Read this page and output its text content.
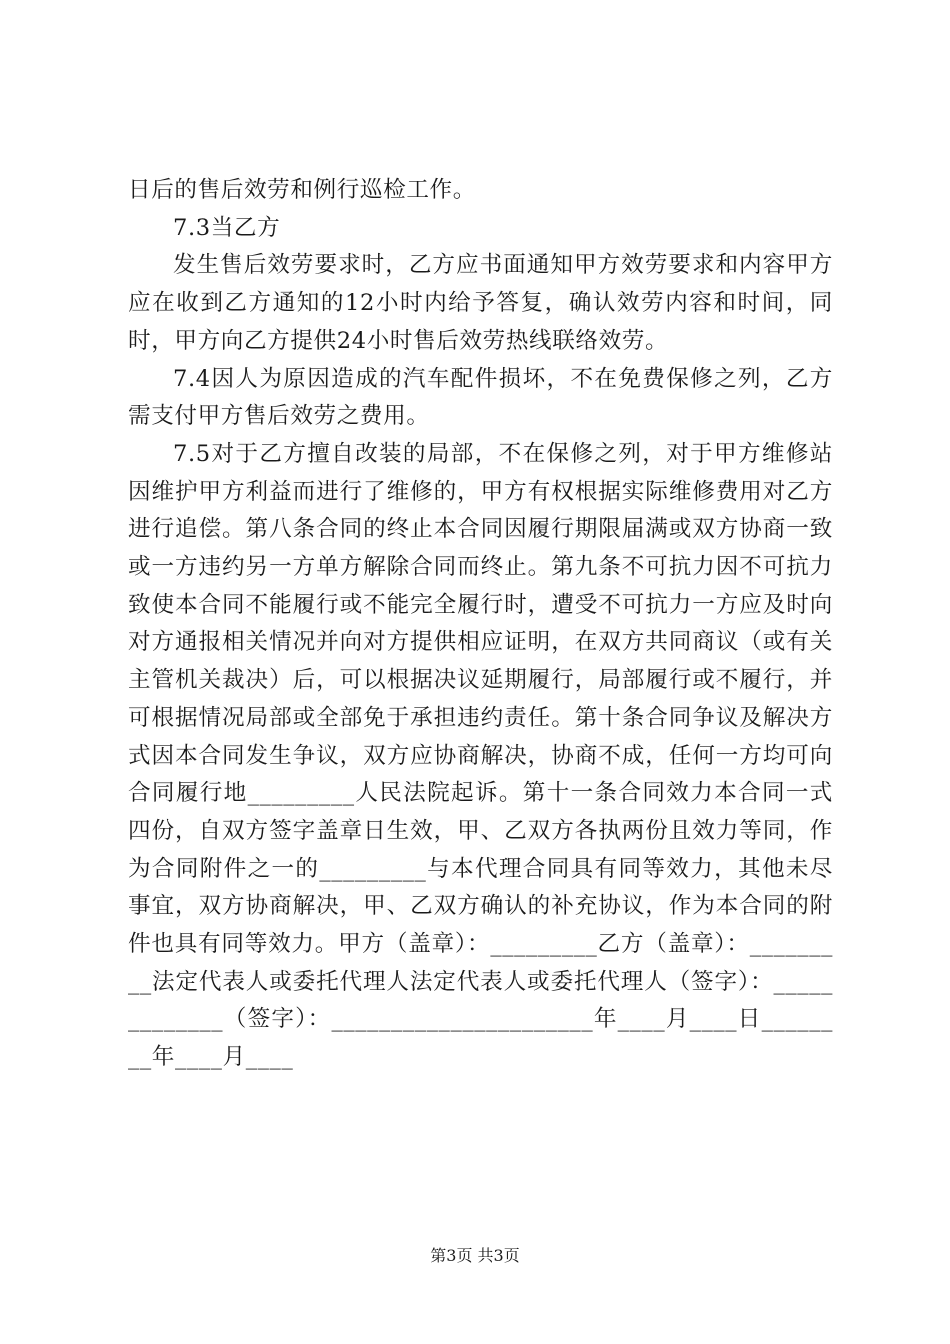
日后的售后效劳和例行巡检工作。

7.3当乙方

发生售后效劳要求时，乙方应书面通知甲方效劳要求和内容甲方应在收到乙方通知的12小时内给予答复，确认效劳内容和时间，同时，甲方向乙方提供24小时售后效劳热线联络效劳。

7.4因人为原因造成的汽车配件损坏，不在免费保修之列，乙方需支付甲方售后效劳之费用。

7.5对于乙方擅自改装的局部，不在保修之列，对于甲方维修站因维护甲方利益而进行了维修的，甲方有权根据实际维修费用对乙方进行追偿。第八条合同的终止本合同因履行期限届满或双方协商一致或一方违约另一方单方解除合同而终止。第九条不可抗力因不可抗力致使本合同不能履行或不能完全履行时，遭受不可抗力一方应及时向对方通报相关情况并向对方提供相应证明，在双方共同商议（或有关主管机关裁决）后，可以根据决议延期履行，局部履行或不履行，并可根据情况局部或全部免于承担违约责任。第十条合同争议及解决方式因本合同发生争议，双方应协商解决，协商不成，任何一方均可向合同履行地_________人民法院起诉。第十一条合同效力本合同一式四份，自双方签字盖章日生效，甲、乙双方各执两份且效力等同，作为合同附件之一的_________与本代理合同具有同等效力，其他未尽事宜，双方协商解决，甲、乙双方确认的补充协议，作为本合同的附件也具有同等效力。甲方（盖章）：_________乙方（盖章）：_________法定代表人或委托代理人法定代表人或委托代理人（签字）：_____________（签字）：______________________年____月____日________年____月____

第3页 共3页
